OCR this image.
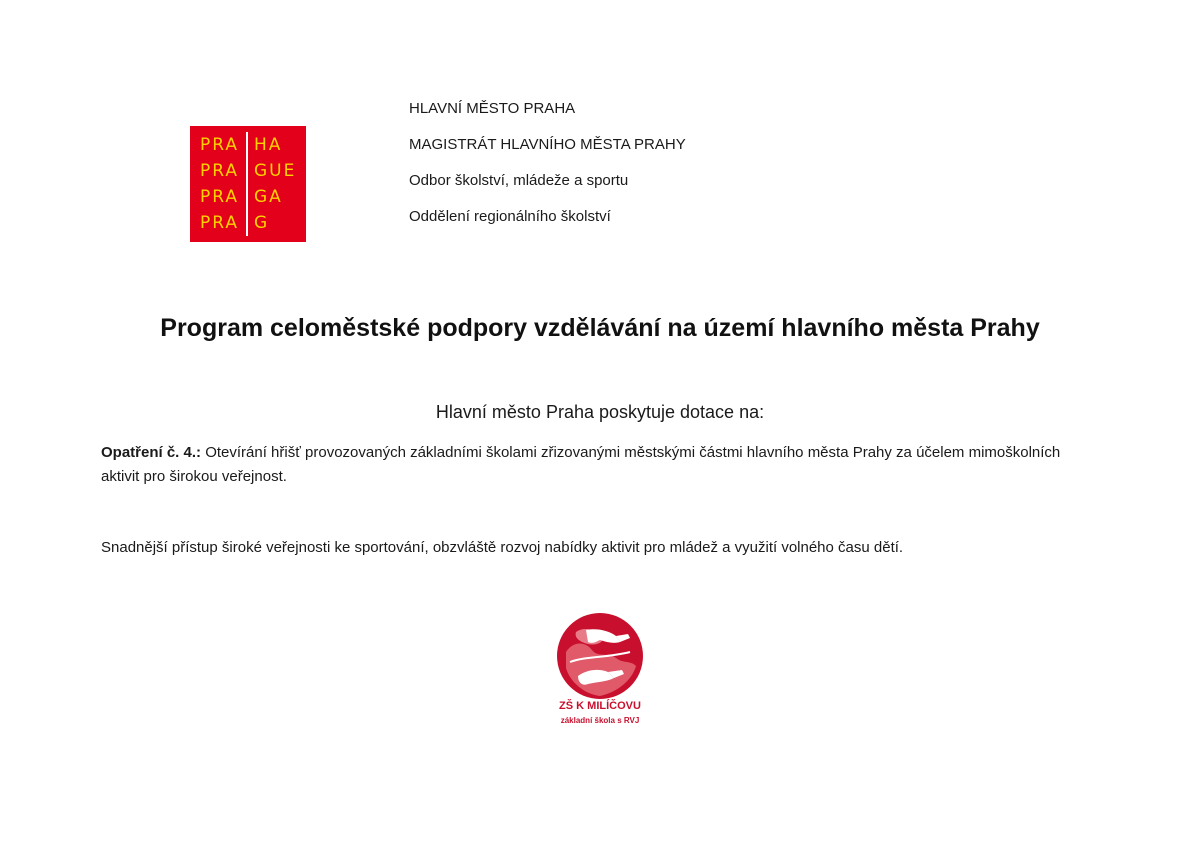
PRA HA
PRA GUE
PRA GA
PRA G
HLAVNÍ MĚSTO PRAHA
MAGISTRÁT HLAVNÍHO MĚSTA PRAHY
Odbor školství, mládeže a sportu
Oddělení regionálního školství
Program celoměstské podpory vzdělávání na území hlavního města Prahy
Hlavní město Praha poskytuje dotace na:
Opatření č. 4.: Otevírání hřišť provozovaných základními školami zřizovanými městskými částmi hlavního města Prahy za účelem mimoškolních aktivit pro širokou veřejnost.
Snadnější přístup široké veřejnosti ke sportování, obzvláště rozvoj nabídky aktivit pro mládež a využití volného času dětí.
ZŠ K MILÍČOVU
základní škola s RVJ
